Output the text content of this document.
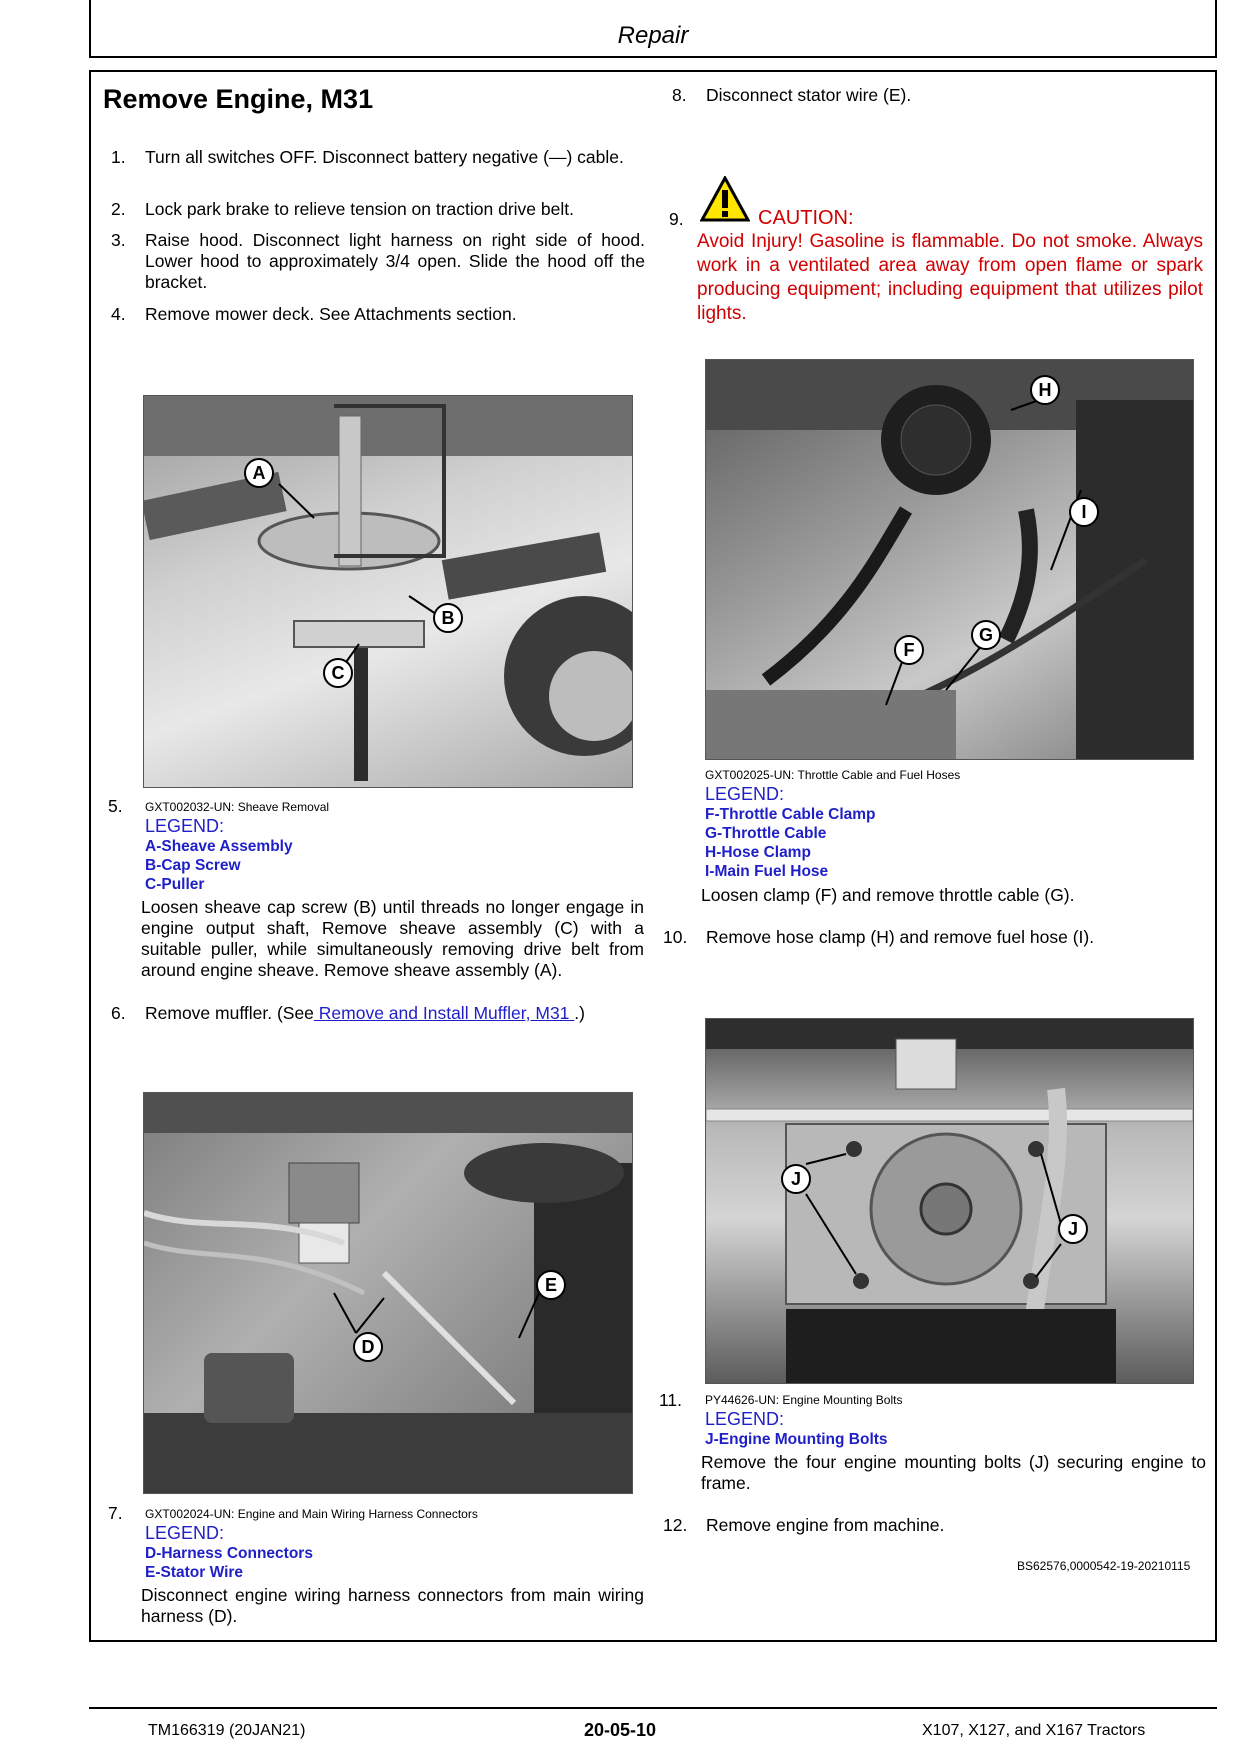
Repair
Remove Engine, M31
1. Turn all switches OFF. Disconnect battery negative (—) cable.
2. Lock park brake to relieve tension on traction drive belt.
3. Raise hood. Disconnect light harness on right side of hood. Lower hood to approximately 3/4 open. Slide the hood off the bracket.
4. Remove mower deck. See Attachments section.
A
B
C
5. GXT002032-UN: Sheave Removal
LEGEND:
A-Sheave Assembly
B-Cap Screw
C-Puller
Loosen sheave cap screw (B) until threads no longer engage in engine output shaft, Remove sheave assembly (C) with a suitable puller, while simultaneously removing drive belt from around engine sheave. Remove sheave assembly (A).
6. Remove muffler. (See Remove and Install Muffler, M31 .)
D
E
7. GXT002024-UN: Engine and Main Wiring Harness Connectors
LEGEND:
D-Harness Connectors
E-Stator Wire
Disconnect engine wiring harness connectors from main wiring harness (D).
8. Disconnect stator wire (E).
9.	CAUTION:
Avoid Injury! Gasoline is flammable. Do not smoke. Always work in a ventilated area away from open flame or spark producing equipment; including equipment that utilizes pilot lights.
H
I
F
G
GXT002025-UN: Throttle Cable and Fuel Hoses
LEGEND:
F-Throttle Cable Clamp
G-Throttle Cable
H-Hose Clamp
I-Main Fuel Hose
Loosen clamp (F) and remove throttle cable (G).
10. Remove hose clamp (H) and remove fuel hose (I).
J
J
11. PY44626-UN: Engine Mounting Bolts
LEGEND:
J-Engine Mounting Bolts
Remove the four engine mounting bolts (J) securing engine to frame.
12. Remove engine from machine.
BS62576,0000542-19-20210115
TM166319 (20JAN21)	20-05-10	X107, X127, and X167 Tractors
